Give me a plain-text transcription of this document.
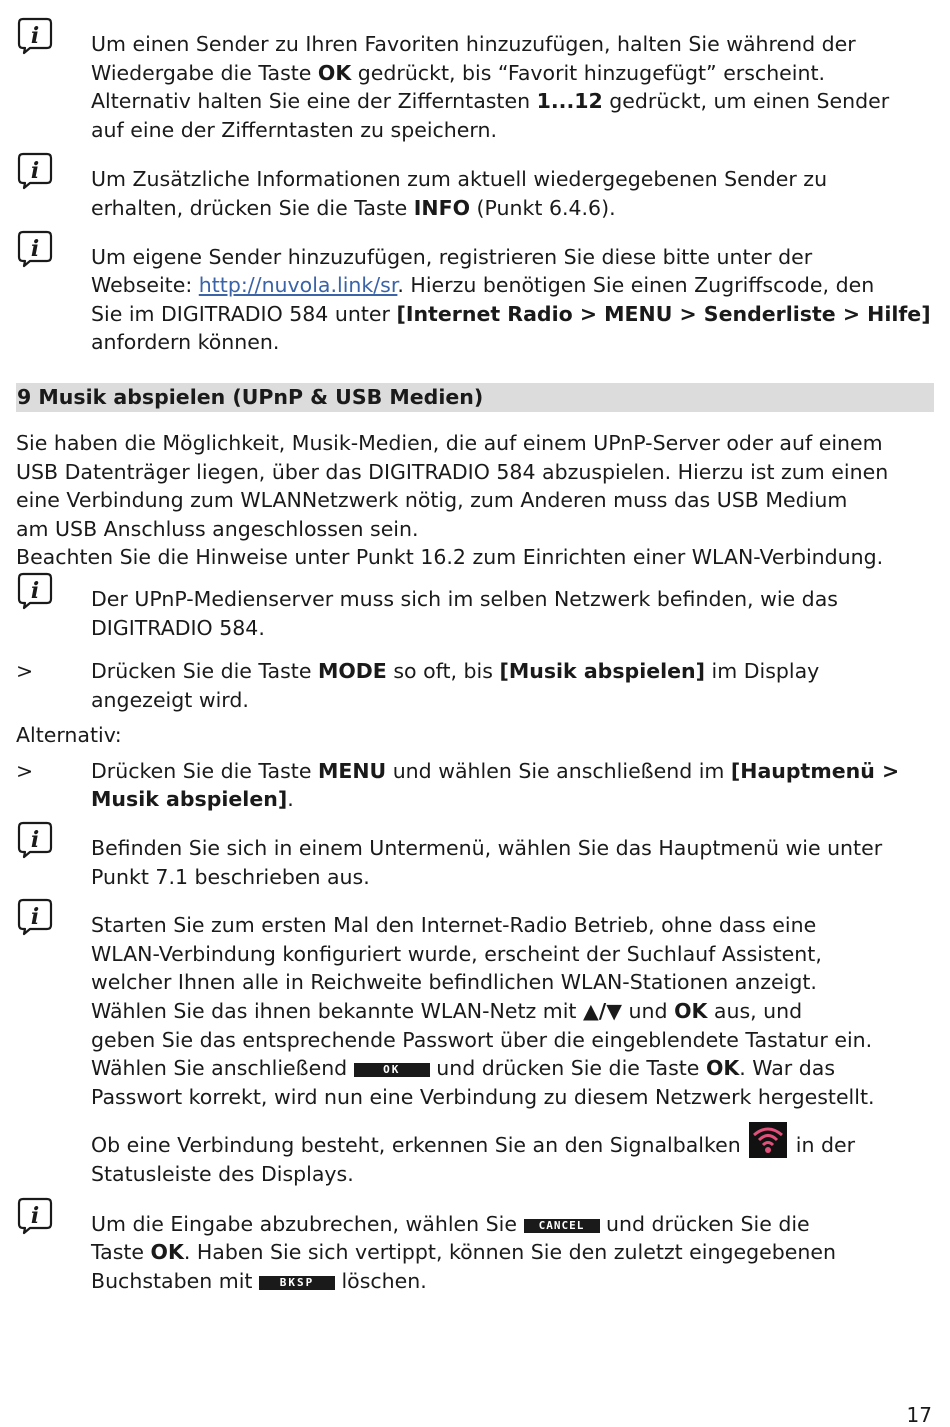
i	Um einen Sender zu Ihren Favoriten hinzuzufügen, halten Sie während der

Wiedergabe die Taste OK gedrückt, bis “Favorit hinzugefügt” erscheint.

Alternativ halten Sie eine der Zifferntasten 1...12 gedrückt, um einen Sender

auf eine der Zifferntasten zu speichern.

i	Um Zusätzliche Informationen zum aktuell wiedergegebenen Sender zu

erhalten, drücken Sie die Taste INFO (Punkt 6.4.6).

i	Um eigene Sender hinzuzufügen, registrieren Sie diese bitte unter der

Webseite: http://nuvola.link/sr. Hierzu benötigen Sie einen Zugriffscode, den

Sie im DIGITRADIO 584 unter [Internet Radio > MENU > Senderliste > Hilfe]

anfordern können.

9 Musik abspielen (UPnP & USB Medien)

Sie haben die Möglichkeit, Musik-Medien, die auf einem UPnP-Server oder auf einem

USB Datenträger liegen, über das DIGITRADIO 584 abzuspielen. Hierzu ist zum einen

eine Verbindung zum WLANNetzwerk nötig, zum Anderen muss das USB Medium

am USB Anschluss angeschlossen sein.

Beachten Sie die Hinweise unter Punkt 16.2 zum Einrichten einer WLAN-Verbindung.

i	Der UPnP-Medienserver muss sich im selben Netzwerk befinden, wie das

DIGITRADIO 584.

>	Drücken Sie die Taste MODE so oft, bis [Musik abspielen] im Display

angezeigt wird.

Alternativ:

>	Drücken Sie die Taste MENU und wählen Sie anschließend im [Hauptmenü >

Musik abspielen].

i	Befinden Sie sich in einem Untermenü, wählen Sie das Hauptmenü wie unter

Punkt 7.1 beschrieben aus.

i	Starten Sie zum ersten Mal den Internet-Radio Betrieb, ohne dass eine

WLAN-Verbindung konfiguriert wurde, erscheint der Suchlauf Assistent,

welcher Ihnen alle in Reichweite befindlichen WLAN-Stationen anzeigt.

Wählen Sie das ihnen bekannte WLAN-Netz mit ▲/▼ und OK aus, und

geben Sie das entsprechende Passwort über die eingeblendete Tastatur ein.

Wählen Sie anschließend	OK und drücken Sie die Taste OK. War das

Passwort korrekt, wird nun eine Verbindung zu diesem Netzwerk hergestellt.

Ob eine Verbindung besteht, erkennen Sie an den Signalbalken  in der

Statusleiste des Displays.

i	Um die Eingabe abzubrechen, wählen Sie CANCEL und drücken Sie die

Taste OK. Haben Sie sich vertippt, können Sie den zuletzt eingegebenen

Buchstaben mit BKSP löschen.

17
